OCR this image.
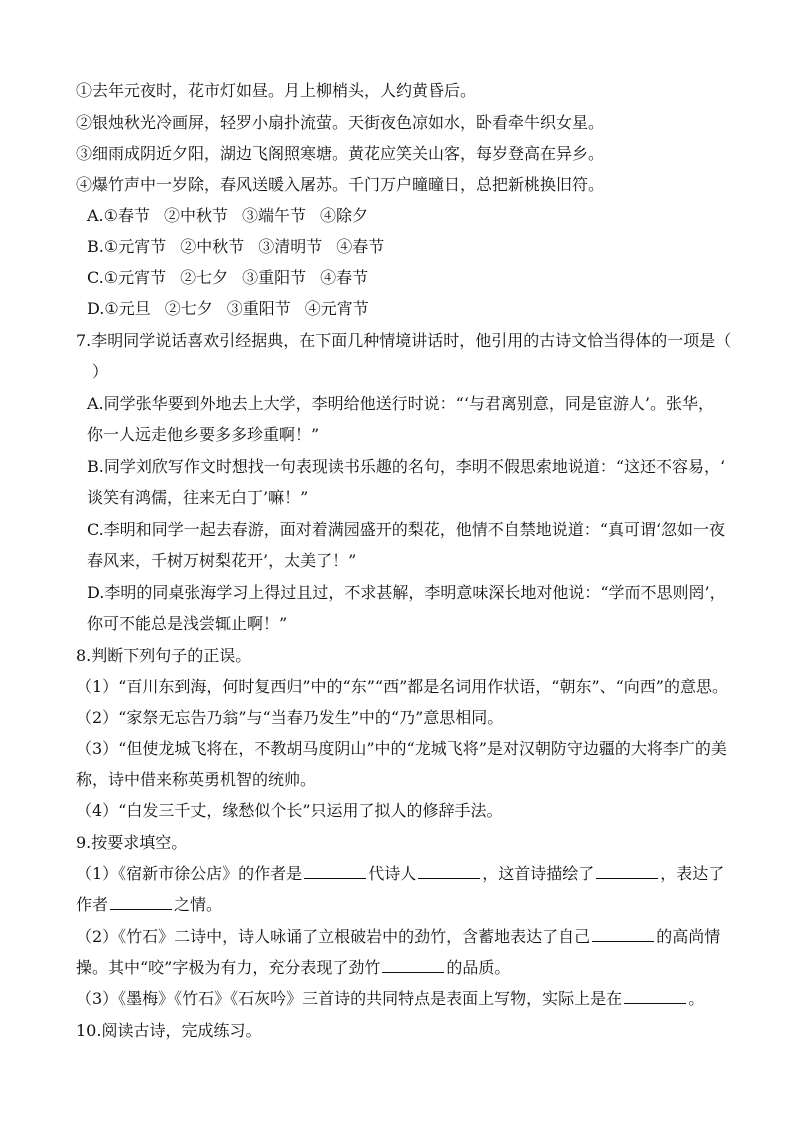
①去年元夜时，花市灯如昼。月上柳梢头，人约黄昏后。
②银烛秋光冷画屏，轻罗小扇扑流萤。天街夜色凉如水，卧看牵牛织女星。
③细雨成阴近夕阳，湖边飞阁照寒塘。黄花应笑关山客，每岁登高在异乡。
④爆竹声中一岁除，春风送暖入屠苏。千门万户曈曈日，总把新桃换旧符。
A.①春节 ②中秋节 ③端午节 ④除夕
B.①元宵节 ②中秋节 ③清明节 ④春节
C.①元宵节 ②七夕 ③重阳节 ④春节
D.①元旦 ②七夕 ③重阳节 ④元宵节
7.李明同学说话喜欢引经据典，在下面几种情境讲话时，他引用的古诗文恰当得体的一项是（
）
A.同学张华要到外地去上大学，李明给他送行时说：“‘与君离别意，同是宦游人’。张华，
你一人远走他乡要多多珍重啊！”
B.同学刘欣写作文时想找一句表现读书乐趣的名句，李明不假思索地说道：“这还不容易，‘
谈笑有鸿儒，往来无白丁’嘛！”
C.李明和同学一起去春游，面对着满园盛开的梨花，他情不自禁地说道：“真可谓‘忽如一夜
春风来，千树万树梨花开’，太美了！”
D.李明的同桌张海学习上得过且过，不求甚解，李明意味深长地对他说：“学而不思则罔’，
你可不能总是浅尝辄止啊！”
8.判断下列句子的正误。
（1）“百川东到海，何时复西归”中的“东”“西”都是名词用作状语，“朝东”、“向西”的意思。
（2）“家祭无忘告乃翁”与“当春乃发生”中的“乃”意思相同。
（3）“但使龙城飞将在，不教胡马度阴山”中的“龙城飞将”是对汉朝防守边疆的大将李广的美
称，诗中借来称英勇机智的统帅。
（4）“白发三千丈，缘愁似个长”只运用了拟人的修辞手法。
9.按要求填空。
（1）《宿新市徐公店》的作者是	代诗人	，这首诗描绘了	，表达了
作者	之情。
（2）《竹石》二诗中，诗人咏诵了立根破岩中的劲竹，含蓄地表达了自己	的高尚情
操。其中“咬”字极为有力，充分表现了劲竹	的品质。
（3）《墨梅》《竹石》《石灰吟》三首诗的共同特点是表面上写物，实际上是在	。
10.阅读古诗，完成练习。
